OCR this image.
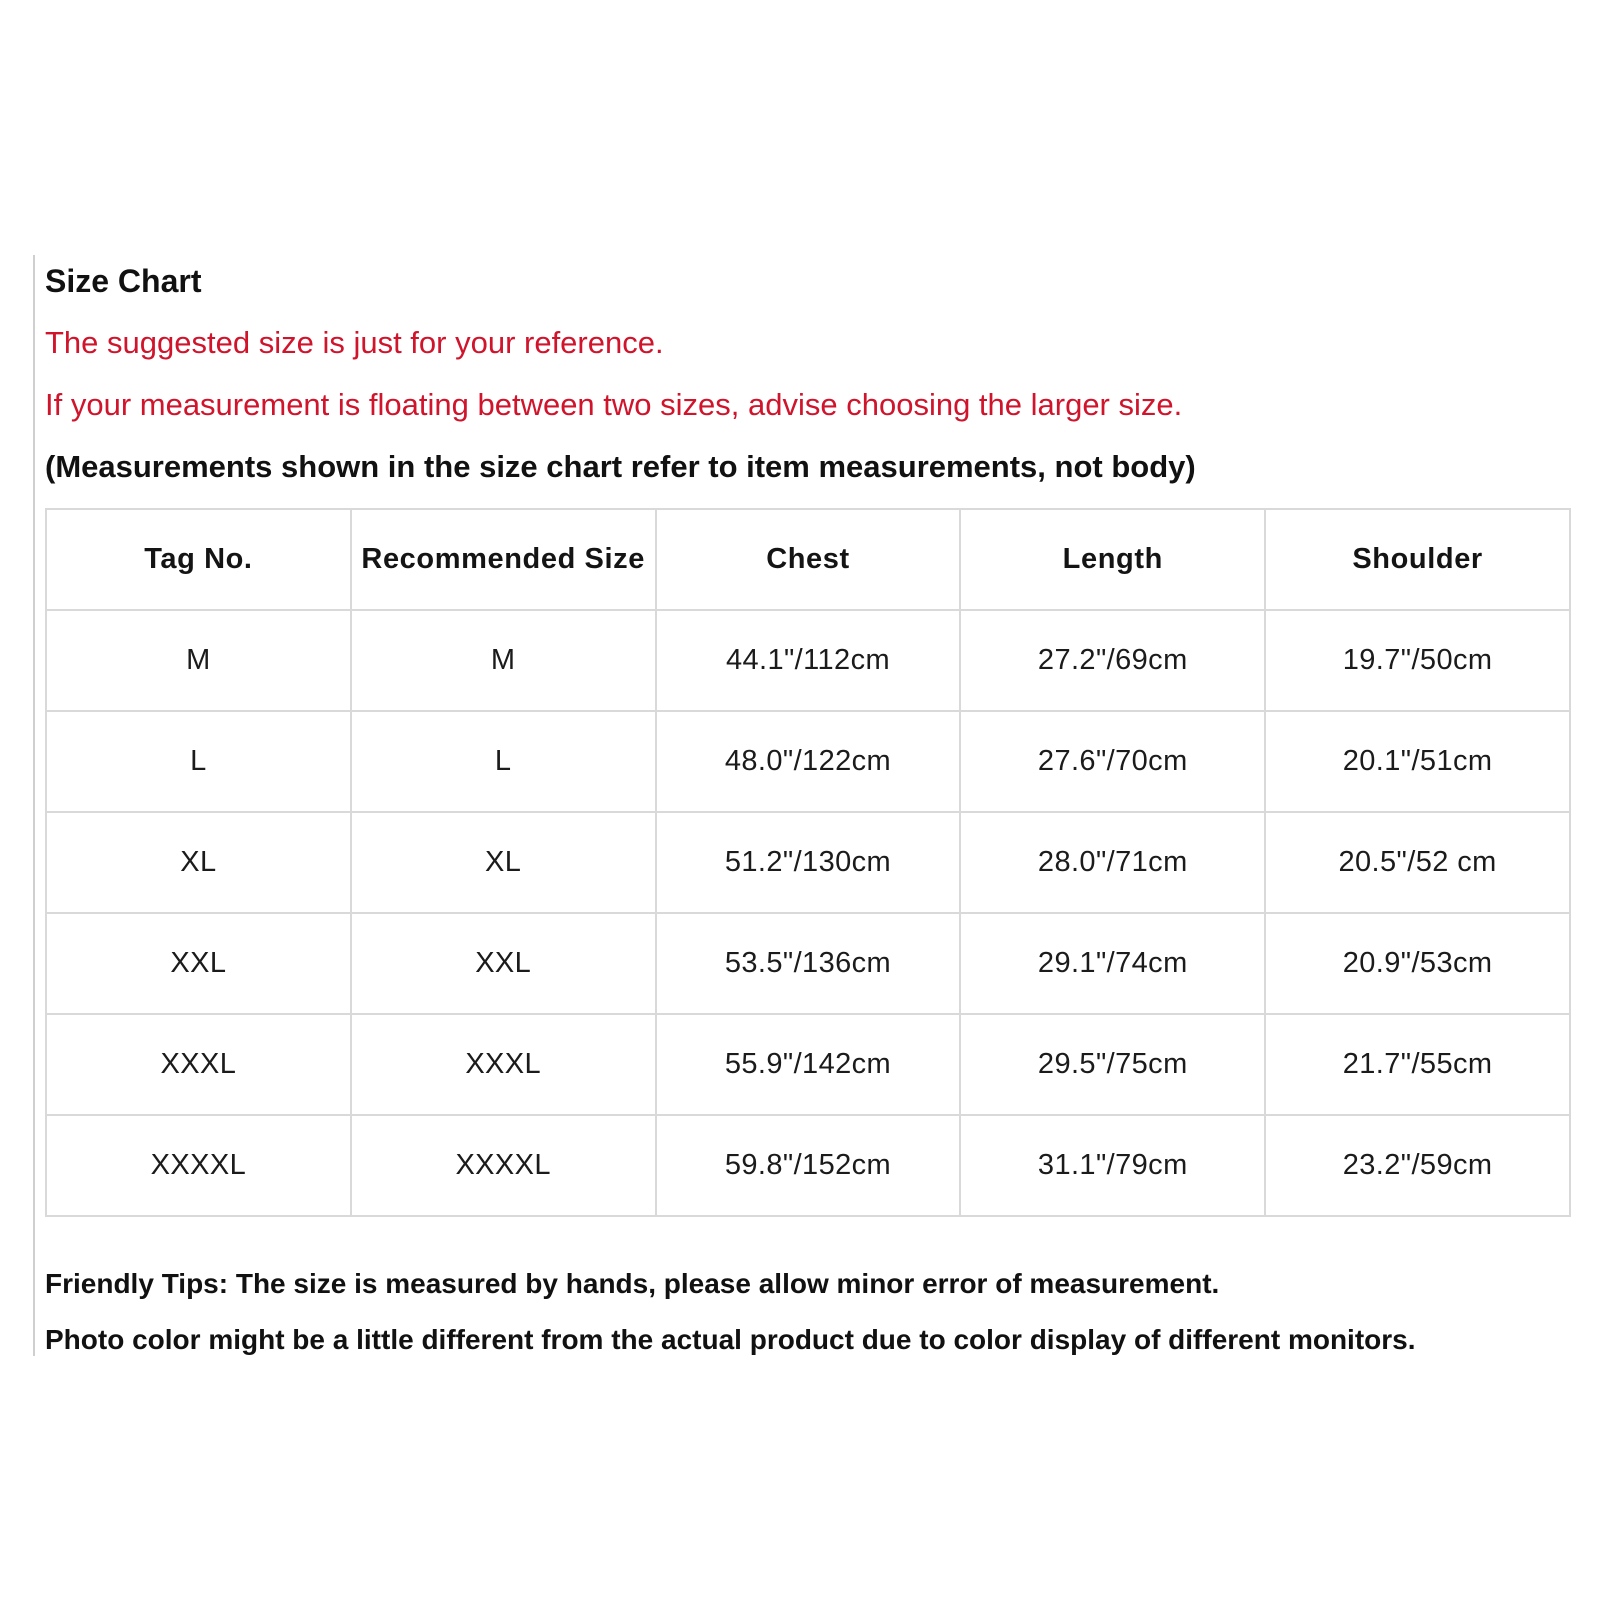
Size Chart
The suggested size is just for your reference.
If your measurement is floating between two sizes, advise choosing the larger size.
(Measurements shown in the size chart refer to item measurements, not body)
Tag No.	Recommended Size	Chest	Length	Shoulder
M	M	44.1"/112cm	27.2"/69cm	19.7"/50cm
L	L	48.0"/122cm	27.6"/70cm	20.1"/51cm
XL	XL	51.2"/130cm	28.0"/71cm	20.5"/52 cm
XXL	XXL	53.5"/136cm	29.1"/74cm	20.9"/53cm
XXXL	XXXL	55.9"/142cm	29.5"/75cm	21.7"/55cm
XXXXL	XXXXL	59.8"/152cm	31.1"/79cm	23.2"/59cm
Friendly Tips: The size is measured by hands, please allow minor error of measurement.
Photo color might be a little different from the actual product due to color display of different monitors.
